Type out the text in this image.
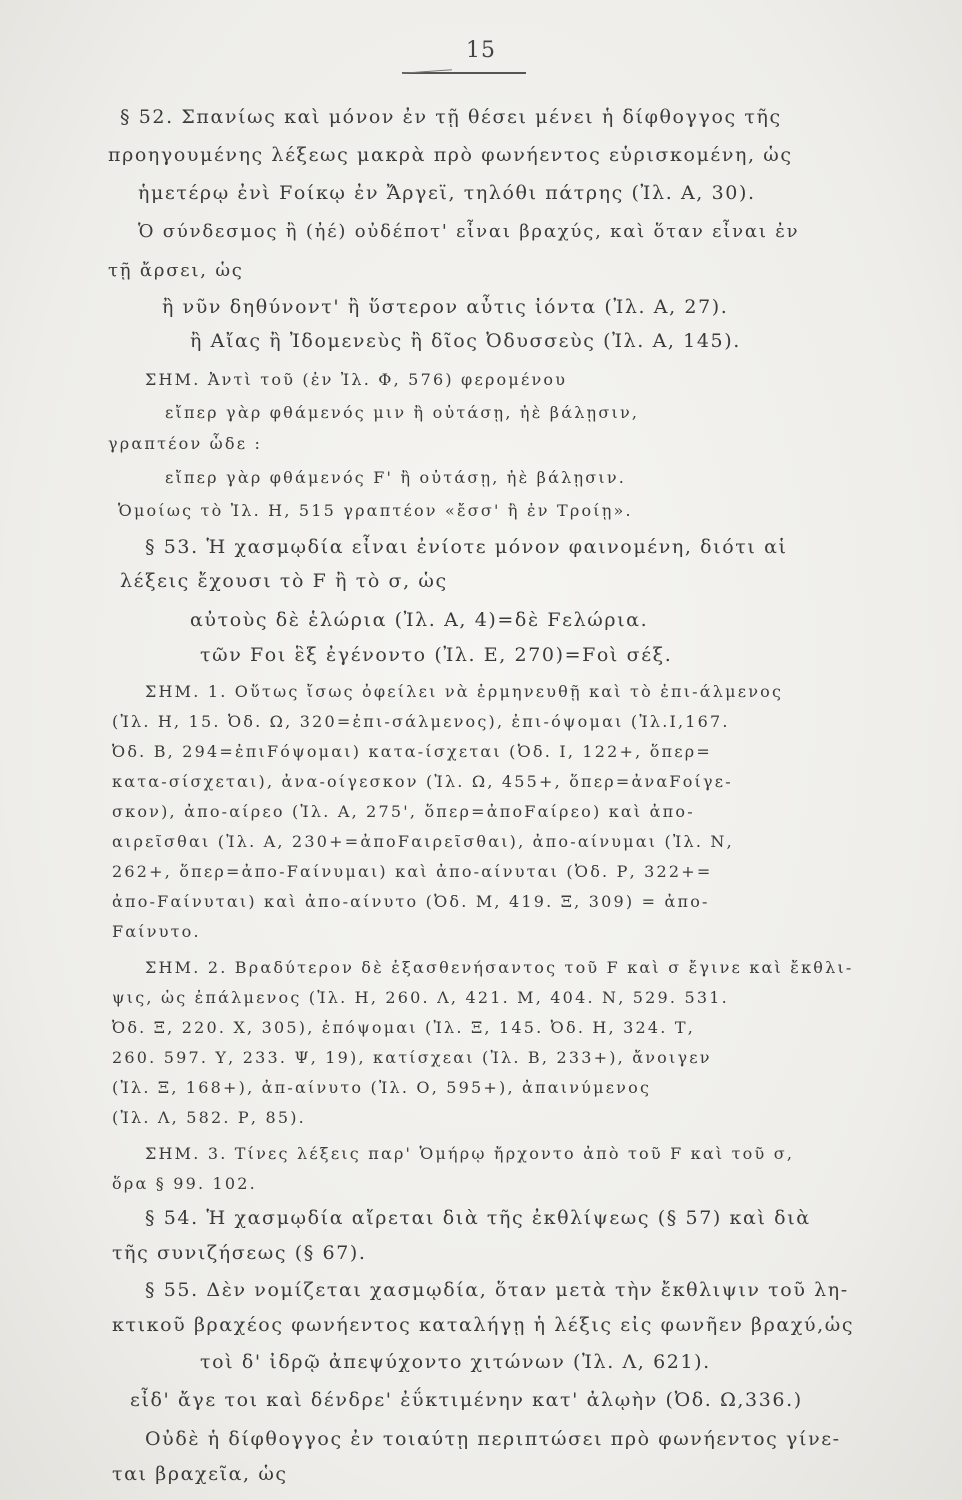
15
§ 52. Σπανίως καὶ μόνον ἐν τῇ θέσει μένει ἡ δίφθογγος τῆς
προηγουμένης λέξεως μακρὰ πρὸ φωνήεντος εὑρισκομένη, ὡς
ἡμετέρῳ ἐνὶ Fοίκῳ ἐν Ἄργεϊ, τηλόθι πάτρης (Ἰλ. Α, 30).
Ὁ σύνδεσμος ἢ (ἠέ) οὐδέποτ' εἶναι βραχύς, καὶ ὅταν εἶναι ἐν
τῇ ἄρσει, ὡς
ἢ νῦν δηθύνοντ' ἢ ὕστερον αὖτις ἰόντα (Ἰλ. Α, 27).
ἢ Αἴας ἢ Ἰδομενεὺς ἢ δῖος Ὀδυσσεὺς (Ἰλ. Α, 145).
ΣΗΜ. Ἀντὶ τοῦ (ἐν Ἰλ. Φ, 576) φερομένου
εἴπερ γὰρ φθάμενός μιν ἢ οὐτάσῃ, ἠὲ βάλῃσιν,
γραπτέον ὧδε :
εἴπερ γὰρ φθάμενός F' ἢ οὐτάσῃ, ἠὲ βάλῃσιν.
Ὁμοίως τὸ Ἰλ. Η, 515 γραπτέον «ἔσσ' ἢ ἐν Τροίῃ».
§ 53. Ἡ χασμῳδία εἶναι ἐνίοτε μόνον φαινομένη, διότι αἱ
λέξεις ἔχουσι τὸ F ἢ τὸ σ, ὡς
αὐτοὺς δὲ ἑλώρια (Ἰλ. Α, 4)=δὲ Fελώρια.
τῶν Fοι ἓξ ἐγένοντο (Ἰλ. Ε, 270)=Fοὶ σέξ.
ΣΗΜ. 1. Οὕτως ἴσως ὀφείλει νὰ ἑρμηνευθῇ καὶ τὸ ἐπι-άλμενος
(Ἰλ. Η, 15. Ὀδ. Ω, 320=ἐπι-σάλμενος), ἐπι-όψομαι (Ἰλ.Ι,167.
Ὀδ. Β, 294=ἐπιFόψομαι) κατα-ίσχεται (Ὀδ. Ι, 122+, ὅπερ=
κατα-σίσχεται), ἀνα-οίγεσκον (Ἰλ. Ω, 455+, ὅπερ=ἀναFοίγε-
σκον), ἀπο-αίρεο (Ἰλ. Α, 275', ὅπερ=ἀποFαίρεο) καὶ ἀπο-
αιρεῖσθαι (Ἰλ. Α, 230+=ἀποFαιρεῖσθαι), ἀπο-αίνυμαι (Ἰλ. Ν,
262+, ὅπερ=ἀπο-Fαίνυμαι) καὶ ἀπο-αίνυται (Ὀδ. Ρ, 322+=
ἀπο-Fαίνυται) καὶ ἀπο-αίνυτο (Ὀδ. Μ, 419. Ξ, 309) = ἀπο-
Fαίνυτο.
ΣΗΜ. 2. Βραδύτερον δὲ ἐξασθενήσαντος τοῦ F καὶ σ ἔγινε καὶ ἔκθλι-
ψις, ὡς ἐπάλμενος (Ἰλ. Η, 260. Λ, 421. Μ, 404. Ν, 529. 531.
Ὀδ. Ξ, 220. Χ, 305), ἐπόψομαι (Ἰλ. Ξ, 145. Ὀδ. Η, 324. Τ,
260. 597. Υ, 233. Ψ, 19), κατίσχεαι (Ἰλ. Β, 233+), ἄνοιγεν
(Ἰλ. Ξ, 168+), ἀπ-αίνυτο (Ἰλ. Ο, 595+), ἀπαινύμενος
(Ἰλ. Λ, 582. Ρ, 85).
ΣΗΜ. 3. Τίνες λέξεις παρ' Ὁμήρῳ ἤρχοντο ἀπὸ τοῦ F καὶ τοῦ σ,
ὅρα § 99. 102.
§ 54. Ἡ χασμῳδία αἴρεται διὰ τῆς ἐκθλίψεως (§ 57) καὶ διὰ
τῆς συνιζήσεως (§ 67).
§ 55. Δὲν νομίζεται χασμῳδία, ὅταν μετὰ τὴν ἔκθλιψιν τοῦ λη-
κτικοῦ βραχέος φωνήεντος καταλήγῃ ἡ λέξις εἰς φωνῆεν βραχύ,ὡς
τοὶ δ' ἰδρῷ ἀπεψύχοντο χιτώνων (Ἰλ. Λ, 621).
εἶδ' ἄγε τοι καὶ δένδρε' ἐΰκτιμένην κατ' ἀλῳὴν (Ὀδ. Ω,336.)
Οὐδὲ ἡ δίφθογγος ἐν τοιαύτῃ περιπτώσει πρὸ φωνήεντος γίνε-
ται βραχεῖα, ὡς
